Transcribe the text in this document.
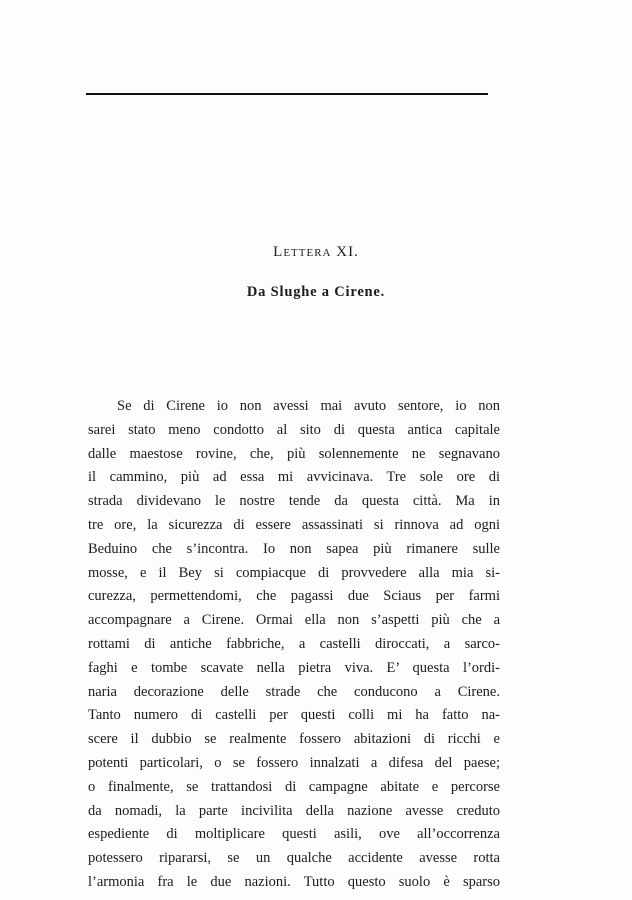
Lettera XI.
Da Slughe a Cirene.
Se di Cirene io non avessi mai avuto sentore, io non
sarei stato meno condotto al sito di questa antica capitale
dalle maestose rovine, che, più solennemente ne segnavano
il cammino, più ad essa mi avvicinava. Tre sole ore di
strada dividevano le nostre tende da questa città. Ma in
tre ore, la sicurezza di essere assassinati si rinnova ad ogni
Beduino che s’incontra. Io non sapea più rimanere sulle
mosse, e il Bey si compiacque di provvedere alla mia si-
curezza, permettendomi, che pagassi due Sciaus per farmi
accompagnare a Cirene. Ormai ella non s’aspetti più che a
rottami di antiche fabbriche, a castelli diroccati, a sarco-
faghi e tombe scavate nella pietra viva. E’ questa l’ordi-
naria decorazione delle strade che conducono a Cirene.
Tanto numero di castelli per questi colli mi ha fatto na-
scere il dubbio se realmente fossero abitazioni di ricchi e
potenti particolari, o se fossero innalzati a difesa del paese;
o finalmente, se trattandosi di campagne abitate e percorse
da nomadi, la parte incivilita della nazione avesse creduto
espediente di moltiplicare questi asili, ove all’occorrenza
potessero ripararsi, se un qualche accidente avesse rotta
l’armonia fra le due nazioni. Tutto questo suolo è sparso
